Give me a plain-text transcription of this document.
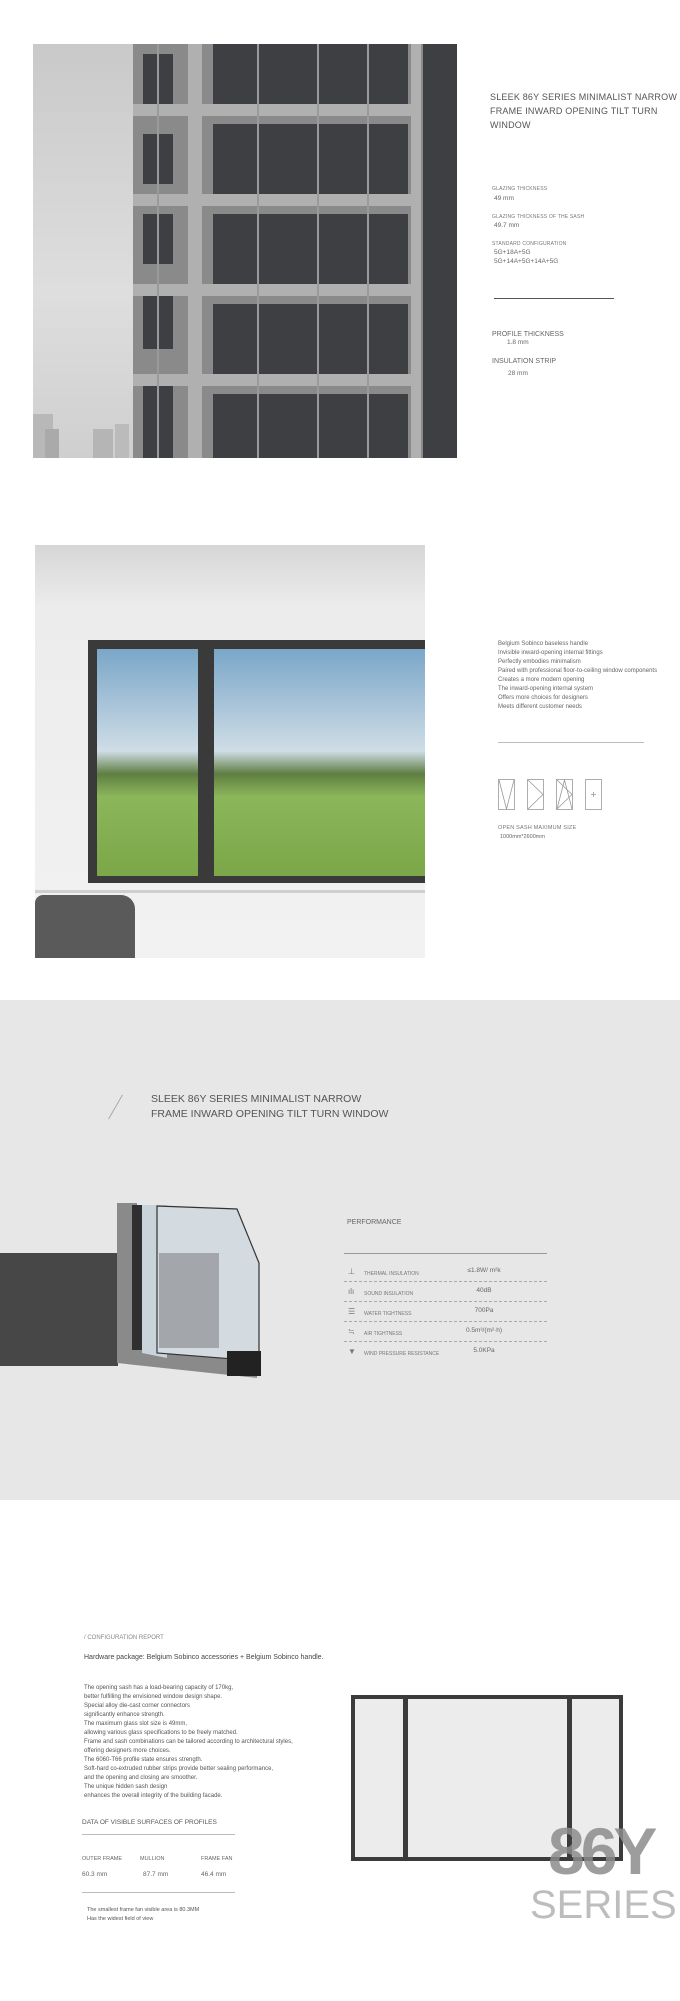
SLEEK 86Y SERIES MINIMALIST NARROW
FRAME INWARD OPENING TILT TURN WINDOW
GLAZING THICKNESS
49 mm
GLAZING THICKNESS OF THE SASH
49.7 mm
STANDARD CONFIGURATION
5G+18A+5G
5G+14A+5G+14A+5G
PROFILE THICKNESS
1.8 mm
INSULATION STRIP
28 mm
Belgium Sobinco baseless handle
Invisible inward-opening internal fittings
Perfectly embodies minimalism
Paired with professional floor-to-ceiling window components
Creates a more modern opening
The inward-opening internal system
Offers more choices for designers
Meets different customer needs
OPEN SASH MAXIMUM SIZE
1000mm*2600mm
SLEEK 86Y SERIES MINIMALIST NARROW
FRAME INWARD OPENING TILT TURN WINDOW
PERFORMANCE
⊥	THERMAL INSULATION	≤1.8W/ m²k
ılı	SOUND INSULATION	40dB
☰	WATER TIGHTNESS	700Pa
≒	AIR TIGHTNESS	0.5m³/(m²·h)
▼	WIND PRESSURE RESISTANCE	5.0KPa
/ CONFIGURATION REPORT
Hardware package: Belgium Sobinco accessories + Belgium Sobinco handle.
The opening sash has a load-bearing capacity of 170kg,
better fulfilling the envisioned window design shape.
Special alloy die-cast corner connectors
significantly enhance strength.
The maximum glass slot size is 49mm,
allowing various glass specifications to be freely matched.
Frame and sash combinations can be tailored according to architectural styles,
offering designers more choices.
The 6060-T66 profile state ensures strength.
Soft-hard co-extruded rubber strips provide better sealing performance,
and the opening and closing are smoother.
The unique hidden sash design
enhances the overall integrity of the building facade.
DATA OF VISIBLE SURFACES OF PROFILES
OUTER FRAME
60.3 mm
MULLION
87.7 mm
FRAME FAN
46.4 mm
The smallest frame fan visible area is 80.3MM
Has the widest field of view
86Y
SERIES
